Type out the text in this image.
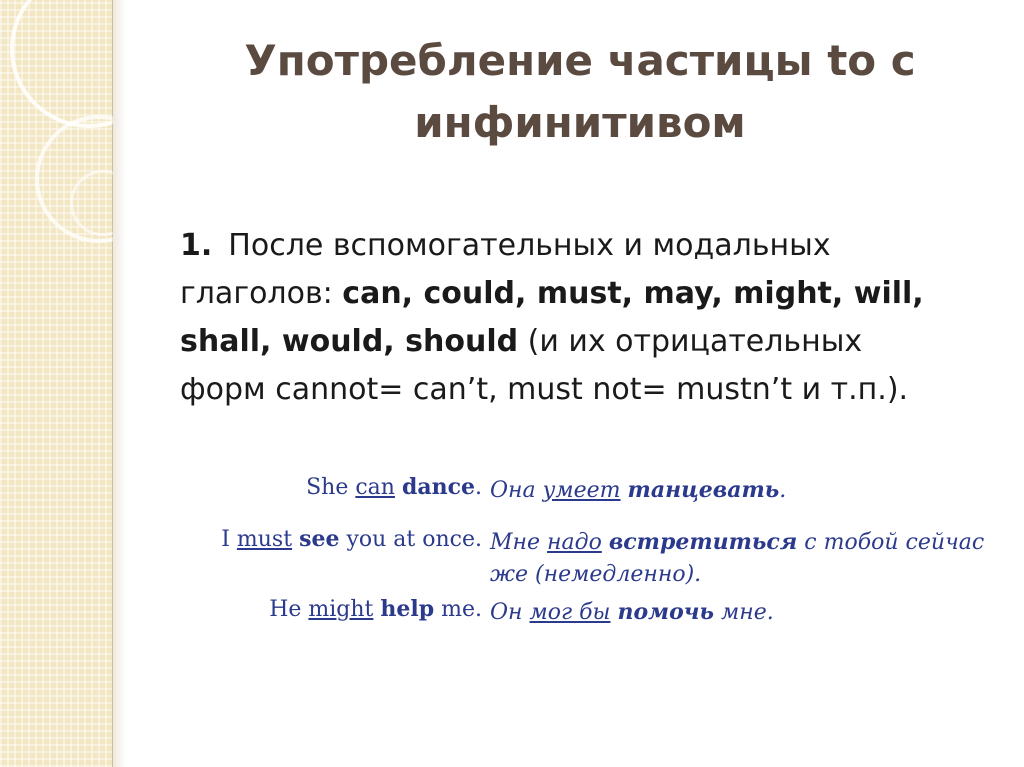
Употребление частицы to с
инфинитивом
1. После вспомогательных и модальных
глаголов: can, could, must, may, might, will,
shall, would, should (и их отрицательных
форм cannot= can’t, must not= mustn’t и т.п.).
She can dance. Она умеет танцевать.
I must see you at once. Мне надо встретиться с тобой сейчас же (немедленно).
He might help me. Он мог бы помочь мне.
